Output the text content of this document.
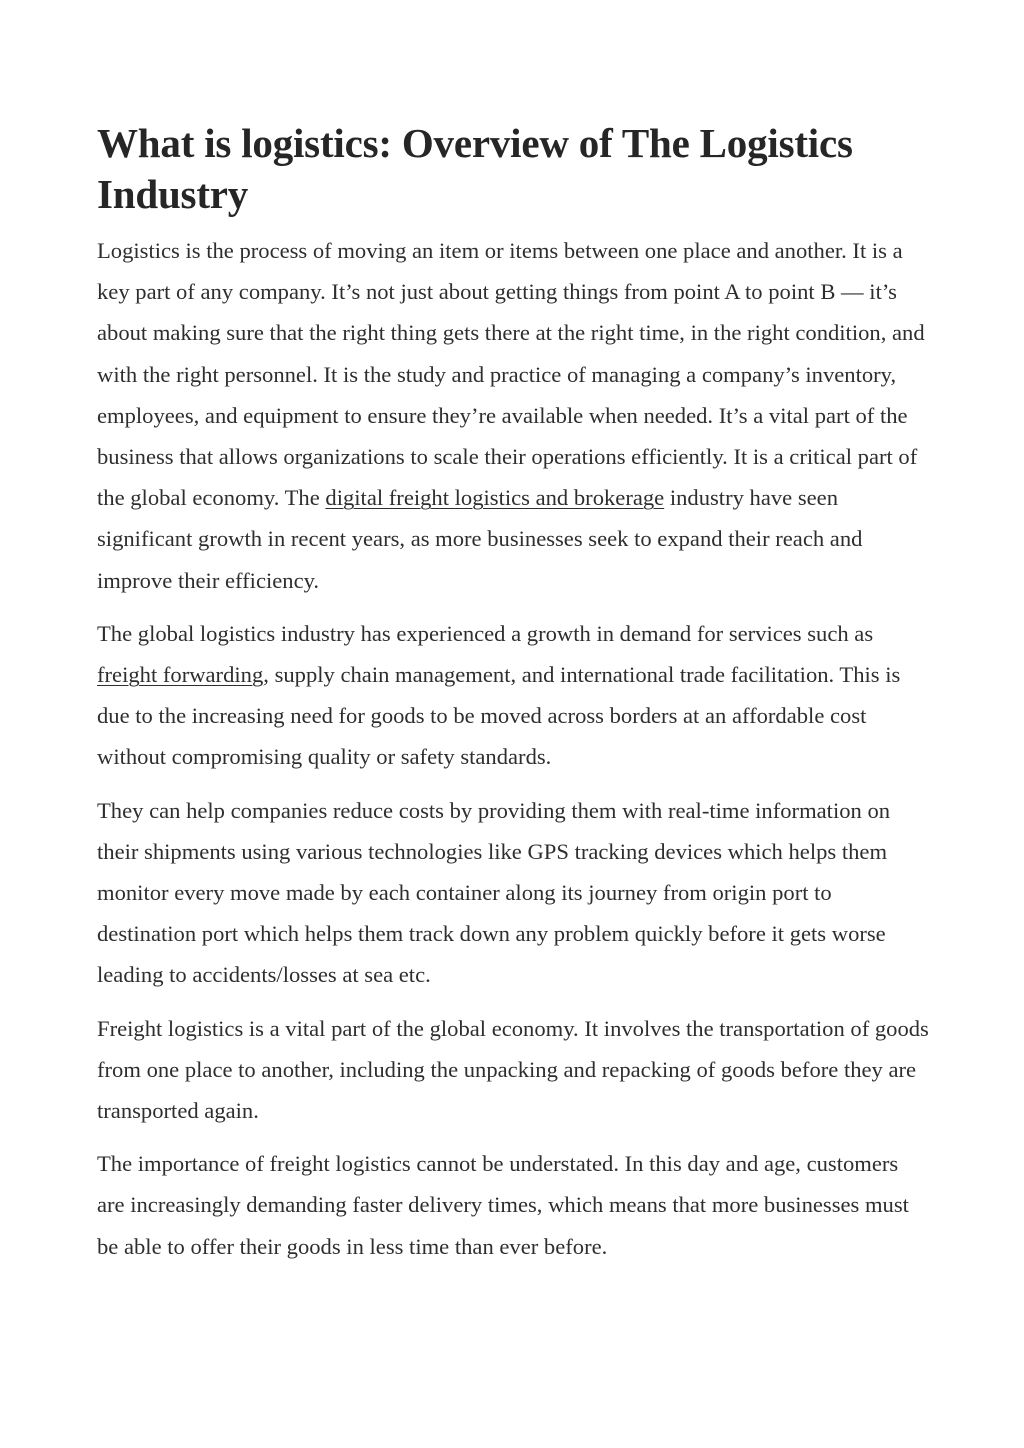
What is logistics: Overview of The Logistics Industry

Logistics is the process of moving an item or items between one place and another. It is a key part of any company. It’s not just about getting things from point A to point B — it’s about making sure that the right thing gets there at the right time, in the right condition, and with the right personnel. It is the study and practice of managing a company’s inventory, employees, and equipment to ensure they’re available when needed. It’s a vital part of the business that allows organizations to scale their operations efficiently. It is a critical part of the global economy. The digital freight logistics and brokerage industry have seen significant growth in recent years, as more businesses seek to expand their reach and improve their efficiency.

The global logistics industry has experienced a growth in demand for services such as freight forwarding, supply chain management, and international trade facilitation. This is due to the increasing need for goods to be moved across borders at an affordable cost without compromising quality or safety standards.

They can help companies reduce costs by providing them with real-time information on their shipments using various technologies like GPS tracking devices which helps them monitor every move made by each container along its journey from origin port to destination port which helps them track down any problem quickly before it gets worse leading to accidents/losses at sea etc.

Freight logistics is a vital part of the global economy. It involves the transportation of goods from one place to another, including the unpacking and repacking of goods before they are transported again.

The importance of freight logistics cannot be understated. In this day and age, customers are increasingly demanding faster delivery times, which means that more businesses must be able to offer their goods in less time than ever before.
